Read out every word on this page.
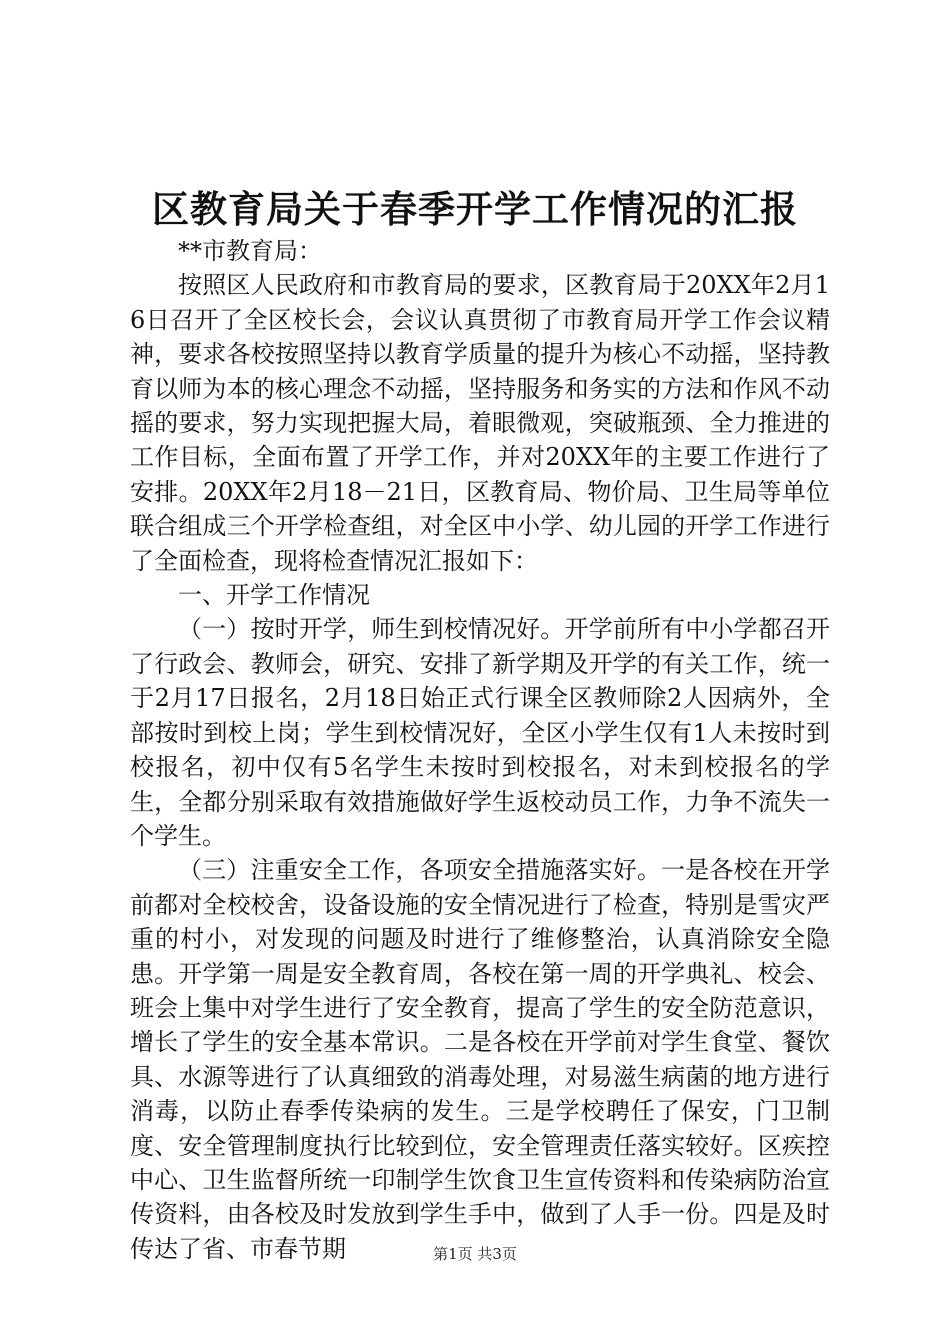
区教育局关于春季开学工作情况的汇报

**市教育局：

按照区人民政府和市教育局的要求，区教育局于20XX年2月16日召开了全区校长会，会议认真贯彻了市教育局开学工作会议精神，要求各校按照坚持以教育学质量的提升为核心不动摇，坚持教育以师为本的核心理念不动摇，坚持服务和务实的方法和作风不动摇的要求，努力实现把握大局，着眼微观，突破瓶颈、全力推进的工作目标，全面布置了开学工作，并对20XX年的主要工作进行了安排。20XX年2月18－21日，区教育局、物价局、卫生局等单位联合组成三个开学检查组，对全区中小学、幼儿园的开学工作进行了全面检查，现将检查情况汇报如下：

一、开学工作情况

（一）按时开学，师生到校情况好。开学前所有中小学都召开了行政会、教师会，研究、安排了新学期及开学的有关工作，统一于2月17日报名，2月18日始正式行课全区教师除2人因病外，全部按时到校上岗；学生到校情况好，全区小学生仅有1人未按时到校报名，初中仅有5名学生未按时到校报名，对未到校报名的学生，全都分别采取有效措施做好学生返校动员工作，力争不流失一个学生。

（三）注重安全工作，各项安全措施落实好。一是各校在开学前都对全校校舍，设备设施的安全情况进行了检查，特别是雪灾严重的村小，对发现的问题及时进行了维修整治，认真消除安全隐患。开学第一周是安全教育周，各校在第一周的开学典礼、校会、班会上集中对学生进行了安全教育，提高了学生的安全防范意识，增长了学生的安全基本常识。二是各校在开学前对学生食堂、餐饮具、水源等进行了认真细致的消毒处理，对易滋生病菌的地方进行消毒，以防止春季传染病的发生。三是学校聘任了保安，门卫制度、安全管理制度执行比较到位，安全管理责任落实较好。区疾控中心、卫生监督所统一印制学生饮食卫生宣传资料和传染病防治宣传资料，由各校及时发放到学生手中，做到了人手一份。四是及时传达了省、市春节期	第1页 共3页
